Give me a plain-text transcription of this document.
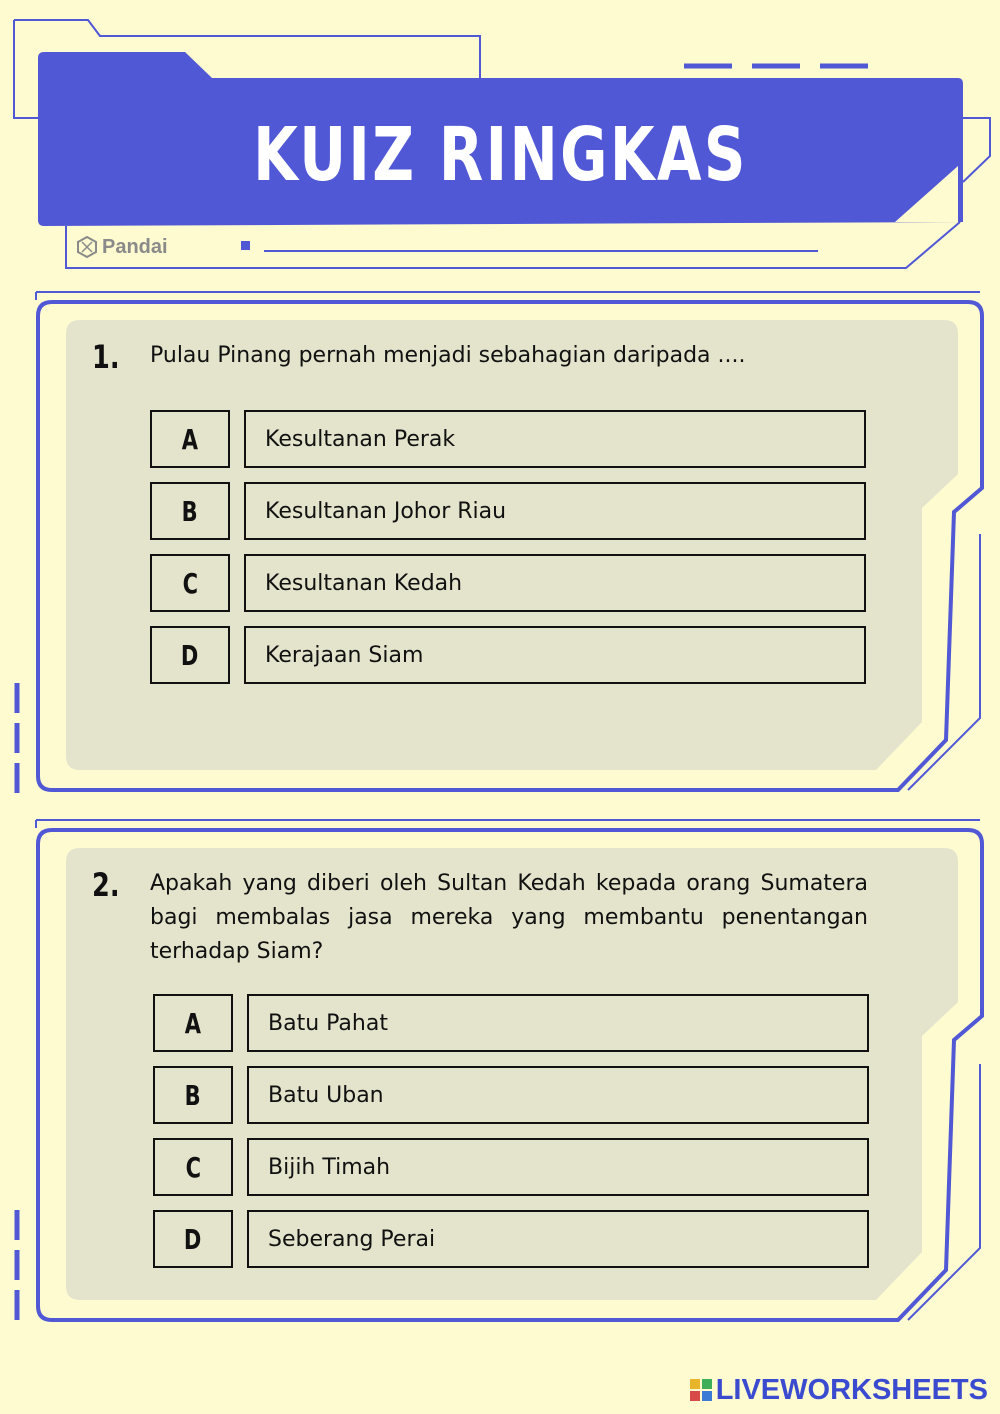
KUIZ RINGKAS
Pandai
1. Pulau Pinang pernah menjadi sebahagian daripada ....
A	Kesultanan Perak
B	Kesultanan Johor Riau
C	Kesultanan Kedah
D	Kerajaan Siam
2. Apakah yang diberi oleh Sultan Kedah kepada orang Sumatera bagi membalas jasa mereka yang membantu penentangan terhadap Siam?
A	Batu Pahat
B	Batu Uban
C	Bijih Timah
D	Seberang Perai
LIVEWORKSHEETS
